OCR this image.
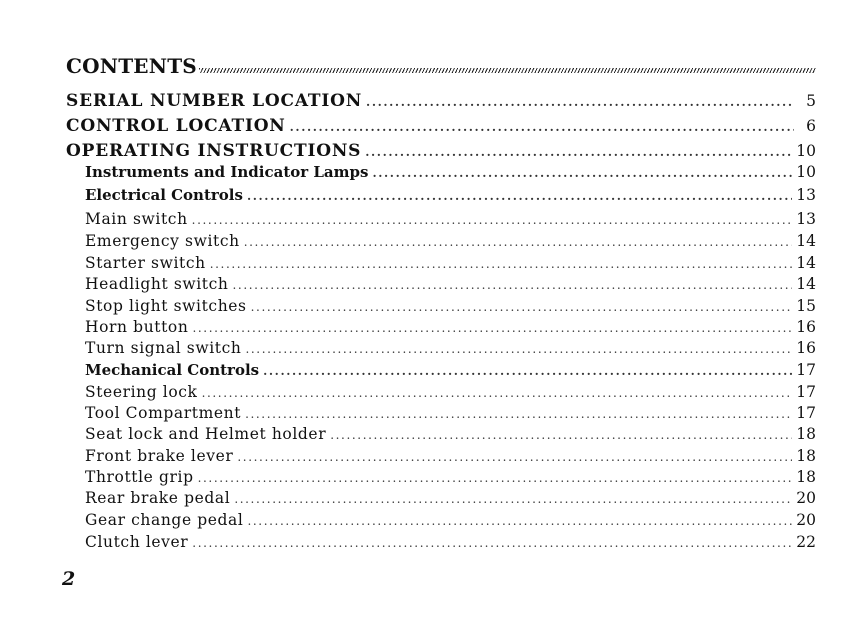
CONTENTS
SERIAL NUMBER LOCATION .....	5
CONTROL LOCATION .....	6
OPERATING INSTRUCTIONS .....	10
Instruments and Indicator Lamps .....	10
Electrical Controls .....	13
Main switch .....	13
Emergency switch .....	14
Starter switch .....	14
Headlight switch .....	14
Stop light switches .....	15
Horn button .....	16
Turn signal switch .....	16
Mechanical Controls .....	17
Steering lock .....	17
Tool Compartment .....	17
Seat lock and Helmet holder .....	18
Front brake lever .....	18
Throttle grip .....	18
Rear brake pedal .....	20
Gear change pedal .....	20
Clutch lever .....	22
2
